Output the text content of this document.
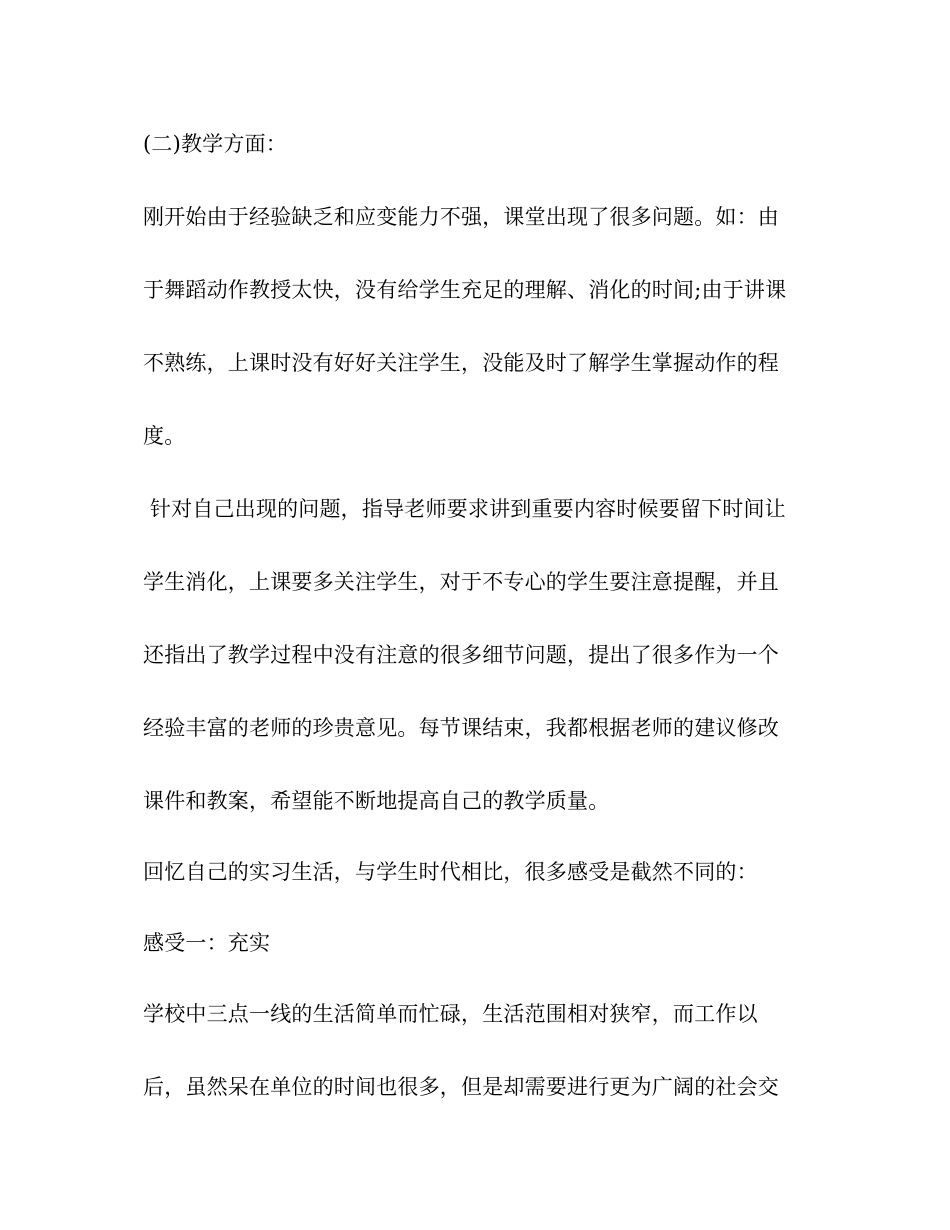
(二)教学方面：
刚开始由于经验缺乏和应变能力不强，课堂出现了很多问题。如：由
于舞蹈动作教授太快，没有给学生充足的理解、消化的时间;由于讲课
不熟练，上课时没有好好关注学生，没能及时了解学生掌握动作的程
度。
针对自己出现的问题，指导老师要求讲到重要内容时候要留下时间让
学生消化，上课要多关注学生，对于不专心的学生要注意提醒，并且
还指出了教学过程中没有注意的很多细节问题，提出了很多作为一个
经验丰富的老师的珍贵意见。每节课结束，我都根据老师的建议修改
课件和教案，希望能不断地提高自己的教学质量。
回忆自己的实习生活，与学生时代相比，很多感受是截然不同的：
感受一：充实
学校中三点一线的生活简单而忙碌，生活范围相对狭窄，而工作以
后，虽然呆在单位的时间也很多，但是却需要进行更为广阔的社会交
